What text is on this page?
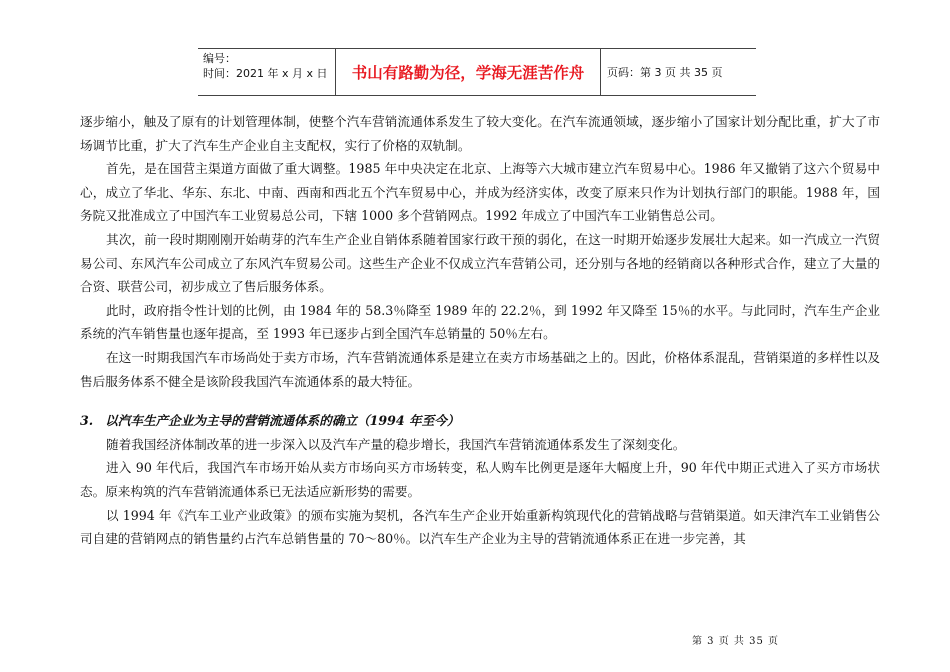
编号：
时间：2021 年 x 月 x 日	书山有路勤为径，学海无涯苦作舟	页码：第 3 页 共 35 页

逐步缩小，触及了原有的计划管理体制，使整个汽车营销流通体系发生了较大变化。在汽车流通领域，逐步缩小了国家计划分配比重，扩大了市场调节比重，扩大了汽车生产企业自主支配权，实行了价格的双轨制。

首先，是在国营主渠道方面做了重大调整。1985 年中央决定在北京、上海等六大城市建立汽车贸易中心。1986 年又撤销了这六个贸易中心，成立了华北、华东、东北、中南、西南和西北五个汽车贸易中心，并成为经济实体，改变了原来只作为计划执行部门的职能。1988 年，国务院又批准成立了中国汽车工业贸易总公司，下辖 1000 多个营销网点。1992 年成立了中国汽车工业销售总公司。

其次，前一段时期刚刚开始萌芽的汽车生产企业自销体系随着国家行政干预的弱化，在这一时期开始逐步发展壮大起来。如一汽成立一汽贸易公司、东风汽车公司成立了东风汽车贸易公司。这些生产企业不仅成立汽车营销公司，还分别与各地的经销商以各种形式合作，建立了大量的合资、联营公司，初步成立了售后服务体系。

此时，政府指令性计划的比例，由 1984 年的 58.3％降至 1989 年的 22.2％，到 1992 年又降至 15％的水平。与此同时，汽车生产企业系统的汽车销售量也逐年提高，至 1993 年已逐步占到全国汽车总销量的 50％左右。

在这一时期我国汽车市场尚处于卖方市场，汽车营销流通体系是建立在卖方市场基础之上的。因此，价格体系混乱，营销渠道的多样性以及售后服务体系不健全是该阶段我国汽车流通体系的最大特征。

3. 以汽车生产企业为主导的营销流通体系的确立（1994 年至今）

随着我国经济体制改革的进一步深入以及汽车产量的稳步增长，我国汽车营销流通体系发生了深刻变化。

进入 90 年代后，我国汽车市场开始从卖方市场向买方市场转变，私人购车比例更是逐年大幅度上升，90 年代中期正式进入了买方市场状态。原来构筑的汽车营销流通体系已无法适应新形势的需要。

以 1994 年《汽车工业产业政策》的颁布实施为契机，各汽车生产企业开始重新构筑现代化的营销战略与营销渠道。如天津汽车工业销售公司自建的营销网点的销售量约占汽车总销售量的 70～80％。以汽车生产企业为主导的营销流通体系正在进一步完善，其

第 3 页 共 35 页
